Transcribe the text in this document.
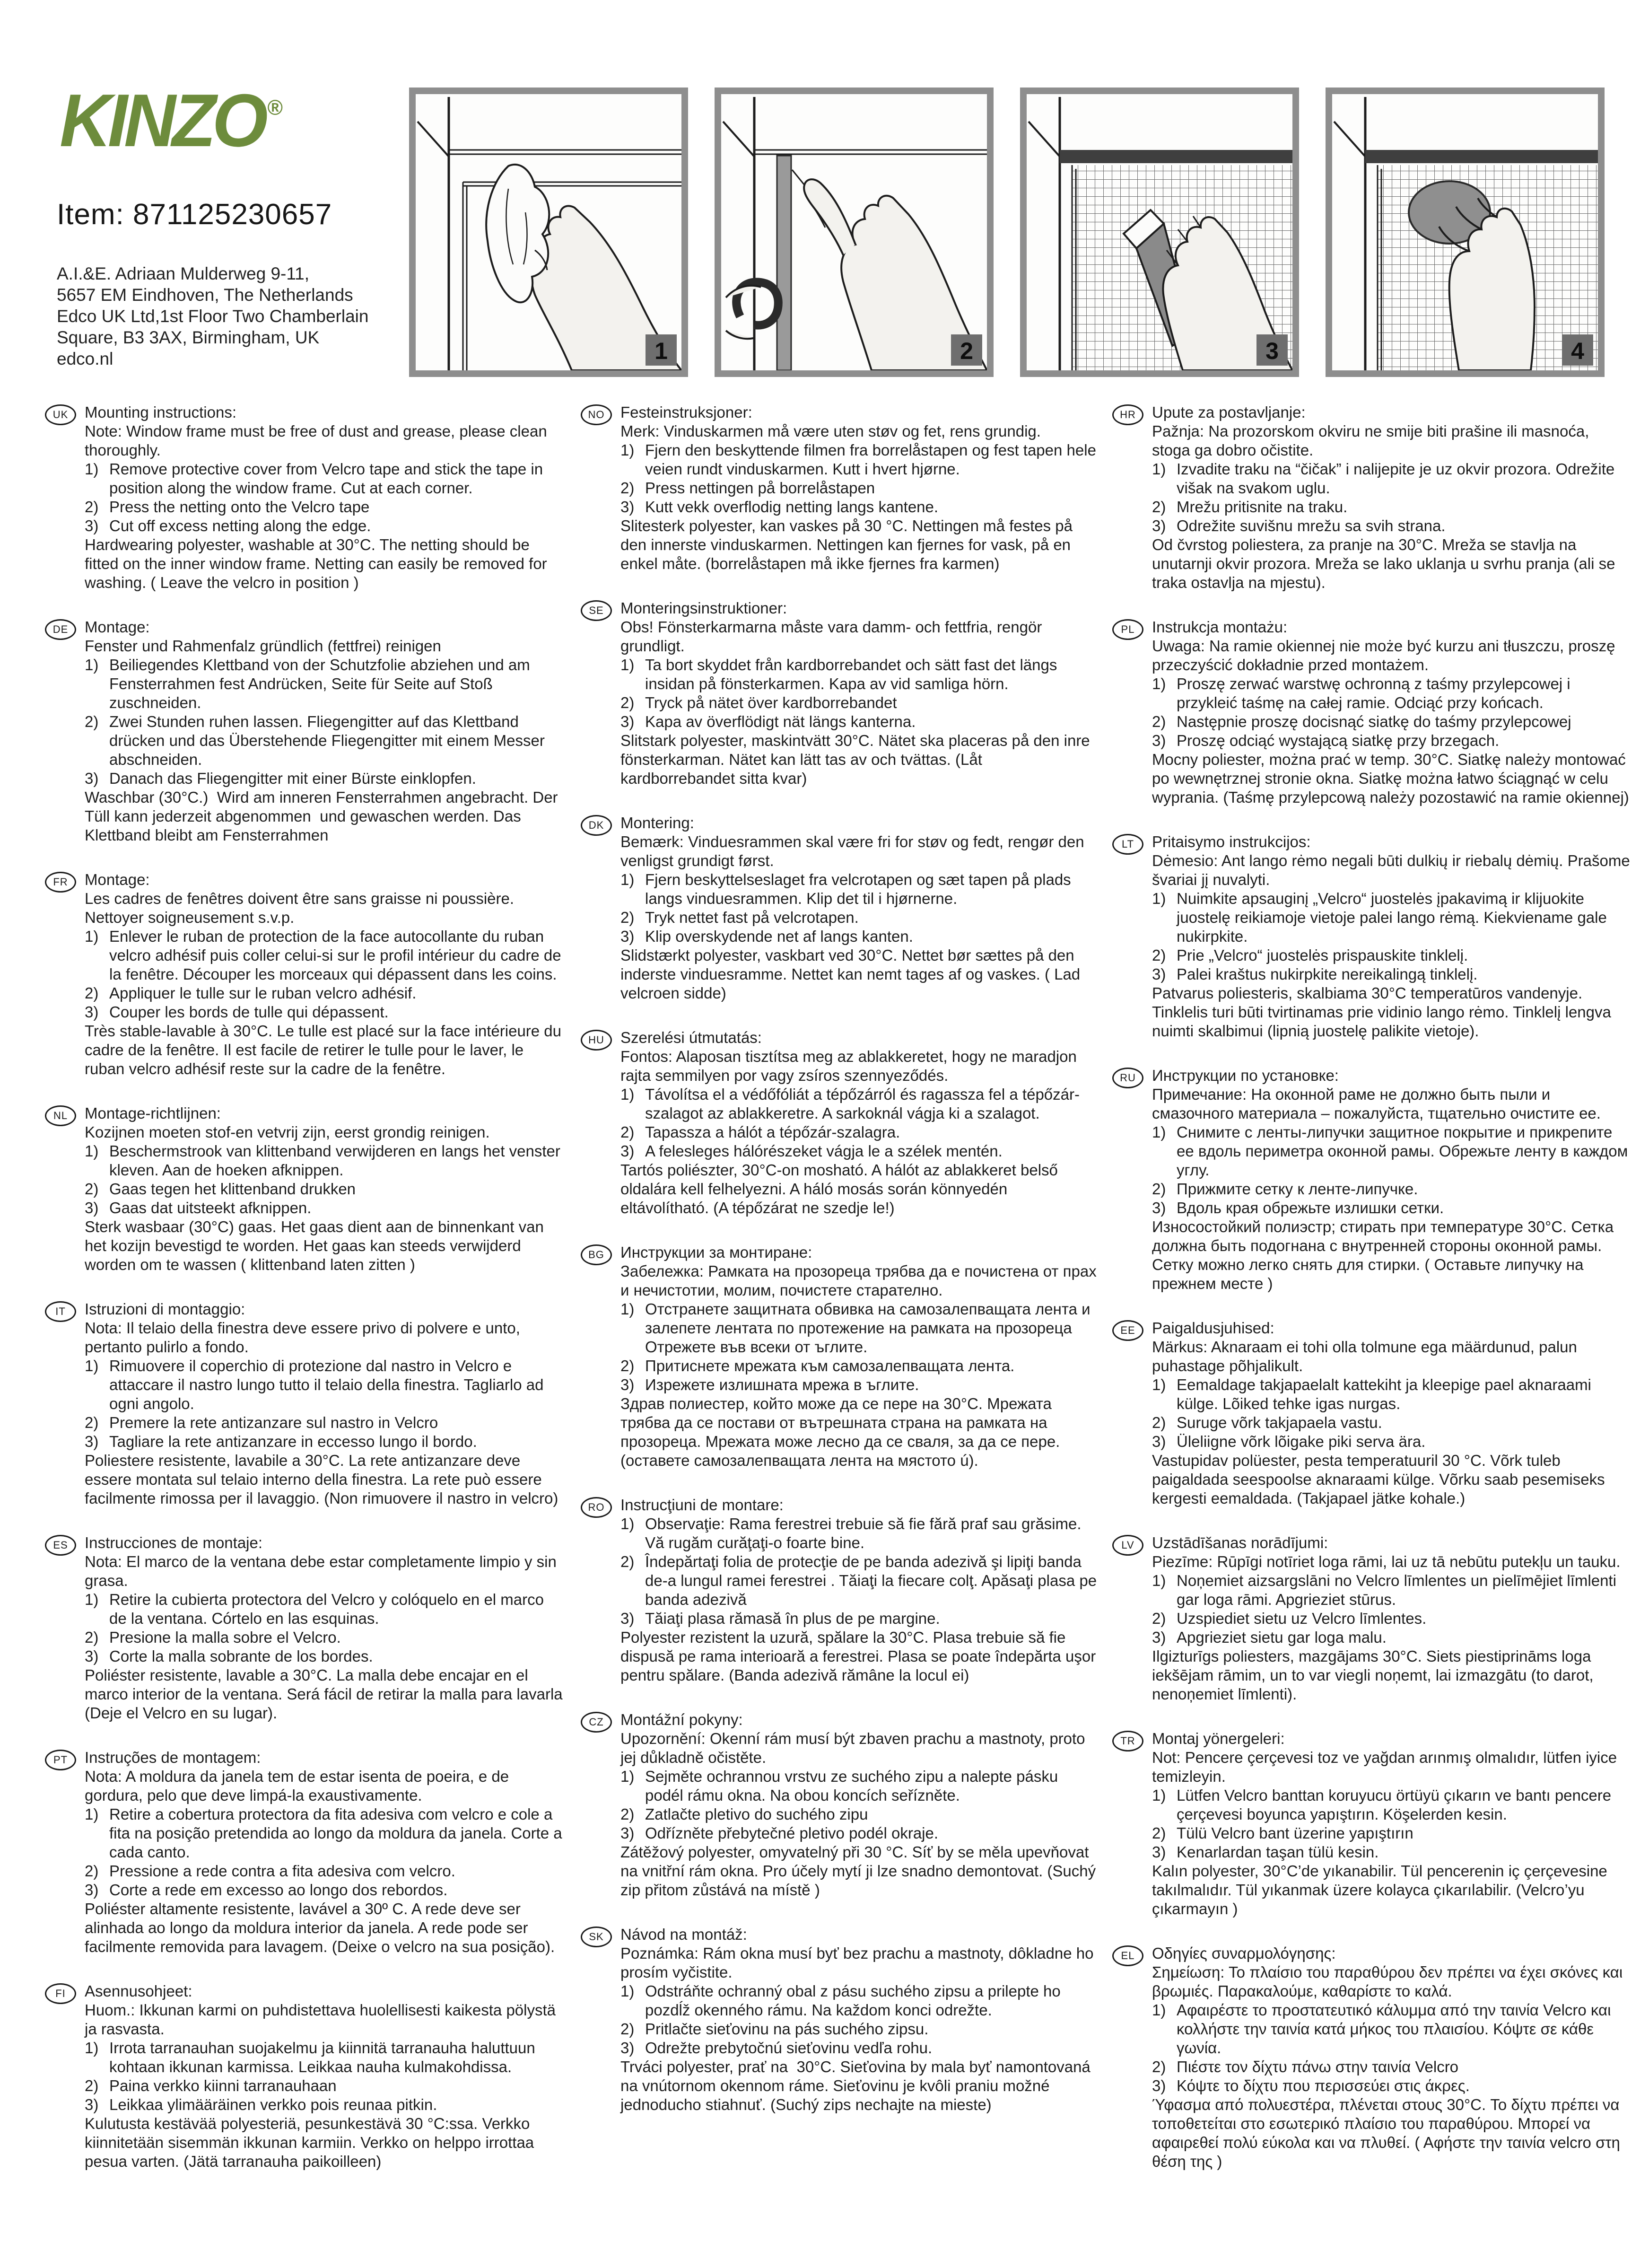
KINZO ®
Item: 871125230657
A.I.&E. Adriaan Mulderweg 9-11,
5657 EM Eindhoven, The Netherlands
Edco UK Ltd,1st Floor Two Chamberlain
Square, B3 3AX, Birmingham, UK
edco.nl	1	2	3	4
UK	Mounting instructions:
Note: Window frame must be free of dust and grease, please clean thoroughly.
1) Remove protective cover from Velcro tape and stick the tape in position along the window frame. Cut at each corner.
2) Press the netting onto the Velcro tape
3) Cut off excess netting along the edge.
Hardwearing polyester, washable at 30°C. The netting should be fitted on the inner window frame. Netting can easily be removed for washing. ( Leave the velcro in position )
DE	Montage:
Fenster und Rahmenfalz gründlich (fettfrei) reinigen
1) Beiliegendes Klettband von der Schutzfolie abziehen und am Fensterrahmen fest Andrücken, Seite für Seite auf Stoß zuschneiden.
2) Zwei Stunden ruhen lassen. Fliegengitter auf das Klettband drücken und das Überstehende Fliegengitter mit einem Messer abschneiden.
3) Danach das Fliegengitter mit einer Bürste einklopfen.
Waschbar (30°C.)  Wird am inneren Fensterrahmen angebracht. Der Tüll kann jederzeit abgenommen  und gewaschen werden. Das Klettband bleibt am Fensterrahmen
FR	Montage:
Les cadres de fenêtres doivent être sans graisse ni poussière. Nettoyer soigneusement s.v.p.
1) Enlever le ruban de protection de la face autocollante du ruban velcro adhésif puis coller celui-si sur le profil intérieur du cadre de la fenêtre. Découper les morceaux qui dépassent dans les coins.
2) Appliquer le tulle sur le ruban velcro adhésif.
3) Couper les bords de tulle qui dépassent.
Très stable-lavable à 30°C. Le tulle est placé sur la face intérieure du cadre de la fenêtre. Il est facile de retirer le tulle pour le laver, le ruban velcro adhésif reste sur la cadre de la fenêtre.
NL	Montage-richtlijnen:
Kozijnen moeten stof-en vetvrij zijn, eerst grondig reinigen.
1) Beschermstrook van klittenband verwijderen en langs het venster kleven. Aan de hoeken afknippen.
2) Gaas tegen het klittenband drukken
3) Gaas dat uitsteekt afknippen.
Sterk wasbaar (30°C) gaas. Het gaas dient aan de binnenkant van het kozijn bevestigd te worden. Het gaas kan steeds verwijderd worden om te wassen ( klittenband laten zitten )
IT	Istruzioni di montaggio:
Nota: Il telaio della finestra deve essere privo di polvere e unto, pertanto pulirlo a fondo.
1) Rimuovere il coperchio di protezione dal nastro in Velcro e attaccare il nastro lungo tutto il telaio della finestra. Tagliarlo ad ogni angolo.
2) Premere la rete antizanzare sul nastro in Velcro
3) Tagliare la rete antizanzare in eccesso lungo il bordo.
Poliestere resistente, lavabile a 30°C. La rete antizanzare deve essere montata sul telaio interno della finestra. La rete può essere facilmente rimossa per il lavaggio. (Non rimuovere il nastro in velcro)
ES	Instrucciones de montaje:
Nota: El marco de la ventana debe estar completamente limpio y sin grasa.
1) Retire la cubierta protectora del Velcro y colóquelo en el marco de la ventana. Córtelo en las esquinas.
2) Presione la malla sobre el Velcro.
3) Corte la malla sobrante de los bordes.
Poliéster resistente, lavable a 30°C. La malla debe encajar en el marco interior de la ventana. Será fácil de retirar la malla para lavarla (Deje el Velcro en su lugar).
PT	Instruções de montagem:
Nota: A moldura da janela tem de estar isenta de poeira, e de gordura, pelo que deve limpá-la exaustivamente.
1) Retire a cobertura protectora da fita adesiva com velcro e cole a fita na posição pretendida ao longo da moldura da janela. Corte a cada canto.
2) Pressione a rede contra a fita adesiva com velcro.
3) Corte a rede em excesso ao longo dos rebordos.
Poliéster altamente resistente, lavável a 30º C. A rede deve ser alinhada ao longo da moldura interior da janela. A rede pode ser facilmente removida para lavagem. (Deixe o velcro na sua posição).
FI	Asennusohjeet:
Huom.: Ikkunan karmi on puhdistettava huolellisesti kaikesta pölystä ja rasvasta.
1) Irrota tarranauhan suojakelmu ja kiinnitä tarranauha haluttuun kohtaan ikkunan karmissa. Leikkaa nauha kulmakohdissa.
2) Paina verkko kiinni tarranauhaan
3) Leikkaa ylimääräinen verkko pois reunaa pitkin.
Kulutusta kestävää polyesteriä, pesunkestävä 30 °C:ssa. Verkko kiinnitetään sisemmän ikkunan karmiin. Verkko on helppo irrottaa pesua varten. (Jätä tarranauha paikoilleen)
NO	Festeinstruksjoner:
Merk: Vinduskarmen må være uten støv og fet, rens grundig.
1) Fjern den beskyttende filmen fra borrelåstapen og fest tapen hele veien rundt vinduskarmen. Kutt i hvert hjørne.
2) Press nettingen på borrelåstapen
3) Kutt vekk overflodig netting langs kantene.
Slitesterk polyester, kan vaskes på 30 °C. Nettingen må festes på den innerste vinduskarmen. Nettingen kan fjernes for vask, på en enkel måte. (borrelåstapen må ikke fjernes fra karmen)
SE	Monteringsinstruktioner:
Obs! Fönsterkarmarna måste vara damm- och fettfria, rengör grundligt.
1) Ta bort skyddet från kardborrebandet och sätt fast det längs insidan på fönsterkarmen. Kapa av vid samliga hörn.
2) Tryck på nätet över kardborrebandet
3) Kapa av överflödigt nät längs kanterna.
Slitstark polyester, maskintvätt 30°C. Nätet ska placeras på den inre fönsterkarman. Nätet kan lätt tas av och tvättas. (Låt kardborrebandet sitta kvar)
DK	Montering:
Bemærk: Vinduesrammen skal være fri for støv og fedt, rengør den venligst grundigt først.
1) Fjern beskyttelseslaget fra velcrotapen og sæt tapen på plads langs vinduesrammen. Klip det til i hjørnerne.
2) Tryk nettet fast på velcrotapen.
3) Klip overskydende net af langs kanten.
Slidstærkt polyester, vaskbart ved 30°C. Nettet bør sættes på den inderste vinduesramme. Nettet kan nemt tages af og vaskes. ( Lad velcroen sidde)
HU	Szerelési útmutatás:
Fontos: Alaposan tisztítsa meg az ablakkeretet, hogy ne maradjon rajta semmilyen por vagy zsíros szennyeződés.
1) Távolítsa el a védőfóliát a tépőzárról és ragassza fel a tépőzár-szalagot az ablakkeretre. A sarkoknál vágja ki a szalagot.
2) Tapassza a hálót a tépőzár-szalagra.
3) A felesleges hálórészeket vágja le a szélek mentén.
Tartós poliészter, 30°C-on mosható. A hálót az ablakkeret belső oldalára kell felhelyezni. A háló mosás során könnyedén eltávolítható. (A tépőzárat ne szedje le!)
BG	Инструкции за монтиране:
Забележка: Рамката на прозореца трябва да е почистена от прах и нечистотии, молим, почистете старателно.
1) Отстранете защитната обвивка на самозалепващата лента и залепете лентата по протежение на рамката на прозореца Отрежете във всеки от ъглите.
2) Притиснете мрежата към самозалепващата лента.
3) Изрежете излишната мрежа в ъглите.
Здрав полиестер, който може да се пере на 30°C. Мрежата трябва да се постави от вътрешната страна на рамката на прозореца. Мрежата може лесно да се сваля, за да се пере. (оставете самозалепващата лента на мястото ú).
RO	Instrucţiuni de montare:
1) Observaţie: Rama ferestrei trebuie să fie fără praf sau grăsime. Vă rugăm curăţaţi-o foarte bine.
2) Îndepărtaţi folia de protecţie de pe banda adezivă şi lipiţi banda de-a lungul ramei ferestrei . Tăiaţi la fiecare colţ. Apăsaţi plasa pe banda adezivă
3) Tăiaţi plasa rămasă în plus de pe margine.
Polyester rezistent la uzură, spălare la 30°C. Plasa trebuie să fie dispusă pe rama interioară a ferestrei. Plasa se poate îndepărta uşor pentru spălare. (Banda adezivă rămâne la locul ei)
CZ	Montážní pokyny:
Upozornění: Okenní rám musí být zbaven prachu a mastnoty, proto jej důkladně očistěte.
1) Sejměte ochrannou vrstvu ze suchého zipu a nalepte pásku podél rámu okna. Na obou koncích seřízněte.
2) Zatlačte pletivo do suchého zipu
3) Odřízněte přebytečné pletivo podél okraje.
Zátěžový polyester, omyvatelný při 30 °C. Síť by se měla upevňovat na vnitřní rám okna. Pro účely mytí ji lze snadno demontovat. (Suchý zip přitom zůstává na místě )
SK	Návod na montáž:
Poznámka: Rám okna musí byť bez prachu a mastnoty, dôkladne ho prosím vyčistite.
1) Odstráňte ochranný obal z pásu suchého zipsu a prilepte ho pozdĺž okenného rámu. Na každom konci odrežte.
2) Pritlačte sieťovinu na pás suchého zipsu.
3) Odrežte prebytočnú sieťovinu vedľa rohu.
Trváci polyester, prať na  30°C. Sieťovina by mala byť namontovaná na vnútornom okennom ráme. Sieťovinu je kvôli praniu možné jednoducho stiahnuť. (Suchý zips nechajte na mieste)
HR	Upute za postavljanje:
Pažnja: Na prozorskom okviru ne smije biti prašine ili masnoća, stoga ga dobro očistite.
1) Izvadite traku na “čičak” i nalijepite je uz okvir prozora. Odrežite višak na svakom uglu.
2) Mrežu pritisnite na traku.
3) Odrežite suvišnu mrežu sa svih strana.
Od čvrstog poliestera, za pranje na 30°C. Mreža se stavlja na unutarnji okvir prozora. Mreža se lako uklanja u svrhu pranja (ali se traka ostavlja na mjestu).
PL	Instrukcja montażu:
Uwaga: Na ramie okiennej nie może być kurzu ani tłuszczu, proszę przeczyścić dokładnie przed montażem.
1) Proszę zerwać warstwę ochronną z taśmy przylepcowej i przykleić taśmę na całej ramie. Odciąć przy końcach.
2) Następnie proszę docisnąć siatkę do taśmy przylepcowej
3) Proszę odciąć wystającą siatkę przy brzegach.
Mocny poliester, można prać w temp. 30°C. Siatkę należy montować po wewnętrznej stronie okna. Siatkę można łatwo ściągnąć w celu wyprania. (Taśmę przylepcową należy pozostawić na ramie okiennej)
LT	Pritaisymo instrukcijos:
Dėmesio: Ant lango rėmo negali būti dulkių ir riebalų dėmių. Prašome švariai jį nuvalyti.
1) Nuimkite apsauginį „Velcro“ juostelės įpakavimą ir klijuokite juostelę reikiamoje vietoje palei lango rėmą. Kiekviename gale nukirpkite.
2) Prie „Velcro“ juostelės prispauskite tinklelį.
3) Palei kraštus nukirpkite nereikalingą tinklelį.
Patvarus poliesteris, skalbiama 30°C temperatūros vandenyje. Tinklelis turi būti tvirtinamas prie vidinio lango rėmo. Tinklelį lengva nuimti skalbimui (lipnią juostelę palikite vietoje).
RU	Инструкции по установке:
Примечание: На оконной раме не должно быть пыли и смазочного материала – пожалуйста, тщательно очистите ее.
1) Снимите с ленты-липучки защитное покрытие и прикрепите ее вдоль периметра оконной рамы. Обрежьте ленту в каждом углу.
2) Прижмите сетку к ленте-липучке.
3) Вдоль края обрежьте излишки сетки.
Износостойкий полиэстр; стирать при температуре 30°C. Сетка должна быть подогнана с внутренней стороны оконной рамы. Сетку можно легко снять для стирки. ( Оставьте липучку на прежнем месте )
EE	Paigaldusjuhised:
Märkus: Aknaraam ei tohi olla tolmune ega määrdunud, palun puhastage põhjalikult.
1) Eemaldage takjapaelalt kattekiht ja kleepige pael aknaraami külge. Lõiked tehke igas nurgas.
2) Suruge võrk takjapaela vastu.
3) Üleliigne võrk lõigake piki serva ära.
Vastupidav polüester, pesta temperatuuril 30 °C. Võrk tuleb paigaldada seespoolse aknaraami külge. Võrku saab pesemiseks kergesti eemaldada. (Takjapael jätke kohale.)
LV	Uzstādīšanas norādījumi:
Piezīme: Rūpīgi notīriet loga rāmi, lai uz tā nebūtu putekļu un tauku.
1) Noņemiet aizsargslāni no Velcro līmlentes un pielīmējiet līmlenti gar loga rāmi. Apgrieziet stūrus.
2) Uzspiediet sietu uz Velcro līmlentes.
3) Apgrieziet sietu gar loga malu.
Ilgizturīgs poliesters, mazgājams 30°C. Siets piestiprināms loga iekšējam rāmim, un to var viegli noņemt, lai izmazgātu (to darot, nenoņemiet līmlenti).
TR	Montaj yönergeleri:
Not: Pencere çerçevesi toz ve yağdan arınmış olmalıdır, lütfen iyice temizleyin.
1) Lütfen Velcro banttan koruyucu örtüyü çıkarın ve bantı pencere çerçevesi boyunca yapıştırın. Köşelerden kesin.
2) Tülü Velcro bant üzerine yapıştırın
3) Kenarlardan taşan tülü kesin.
Kalın polyester, 30°C’de yıkanabilir. Tül pencerenin iç çerçevesine takılmalıdır. Tül yıkanmak üzere kolayca çıkarılabilir. (Velcro’yu çıkarmayın )
EL	Οδηγίες συναρμολόγησης:
Σημείωση: Το πλαίσιο του παραθύρου δεν πρέπει να έχει σκόνες και βρωμιές. Παρακαλούμε, καθαρίστε το καλά.
1) Αφαιρέστε το προστατευτικό κάλυμμα από την ταινία Velcro και κολλήστε την ταινία κατά μήκος του πλαισίου. Κόψτε σε κάθε γωνία.
2) Πιέστε τον δίχτυ πάνω στην ταινία Velcro
3) Κόψτε το δίχτυ που περισσεύει στις άκρες.
Ύφασμα από πολυεστέρα, πλένεται στους 30°C. Το δίχτυ πρέπει να τοποθετείται στο εσωτερικό πλαίσιο του παραθύρου. Μπορεί να αφαιρεθεί πολύ εύκολα και να πλυθεί. ( Αφήστε την ταινία velcro στη θέση της )
